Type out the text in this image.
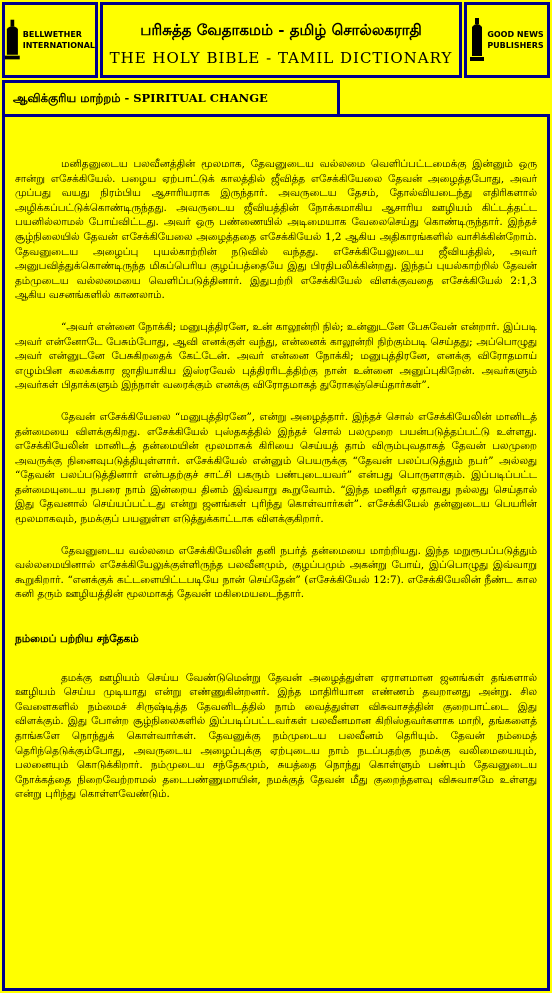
BELLWETHER
INTERNATIONAL
பரிசுத்த வேதாகமம் - தமிழ் சொல்லகராதி
THE HOLY BIBLE - TAMIL DICTIONARY
GOOD NEWS
PUBLISHERS
ஆவிக்குரிய மாற்றம் - SPIRITUAL CHANGE

மனிதனுடைய பலவீனத்தின் மூலமாக, தேவனுடைய வல்லமை வெளிப்பட்டமைக்கு இன்னும் ஒரு சான்று எசேக்கியேல். பழைய ஏற்பாட்டுக் காலத்தில் ஜீவித்த எசேக்கியேலை தேவன் அழைத்தபோது, அவர் முப்பது வயது நிரம்பிய ஆசாரியராக இருந்தார். அவருடைய தேசம், தோல்வியடைந்து எதிரிகளால் அழிக்கப்பட்டுக்கொண்டிருந்தது. அவருடைய ஜீவியத்தின் நோக்கமாகிய ஆசாரிய ஊழியம் கிட்டத்தட்ட பயனில்லாமல் போய்விட்டது. அவர் ஒரு பண்ணையில் அடிமையாக வேலைசெய்து கொண்டிருந்தார். இந்தச் சூழ்நிலையில் தேவன் எசேக்கியேலை அழைத்ததை எசேக்கியேல் 1,2 ஆகிய அதிகாரங்களில் வாசிக்கின்றோம். தேவனுடைய அழைப்பு புயல்காற்றின் நடுவில் வந்தது. எசேக்கியேலுடைய ஜீவியத்தில், அவர் அனுபவித்துக்கொண்டிருந்த மிகப்பெரிய குழப்பத்தையே இது பிரதிபலிக்கின்றது. இந்தப் புயல்காற்றில் தேவன் தம்முடைய வல்லமையை வெளிப்படுத்தினார். இதுபற்றி எசேக்கியேல் விளக்குவதை எசேக்கியேல் 2:1,3 ஆகிய வசனங்களில் காணலாம்.

“அவர் என்னை நோக்கி; மனுபுத்திரனே, உன் காலூன்றி நில்; உன்னுடனே பேசுவேன் என்றார். இப்படி அவர் என்னோடே பேசும்போது, ஆவி எனக்குள் வந்து, என்னைக் காலூன்றி நிற்கும்படி செய்தது; அப்பொழுது அவர் என்னுடனே பேசுகிறதைக் கேட்டேன். அவர் என்னை நோக்கி; மனுபுத்திரனே, எனக்கு விரோதமாய் எழும்பின கலகக்கார ஜாதியாகிய இஸ்ரவேல் புத்திரரிடத்திற்கு நான் உன்னை அனுப்புகிறேன். அவர்களும் அவர்கள் பிதாக்களும் இந்நாள் வரைக்கும் எனக்கு விரோதமாகத் துரோகஞ்செய்தார்கள்”.

தேவன் எசேக்கியேலை “மனுபுத்திரனே”, என்று அழைத்தார். இந்தச் சொல் எசேக்கியேலின் மானிடத் தன்மையை விளக்குகிறது. எசேக்கியேல் புஸ்தகத்தில் இந்தச் சொல் பலமுறை பயன்படுத்தப்பட்டு உள்ளது. எசேக்கியேலின் மானிடத் தன்மையின் மூலமாகக் கிரியை செய்யத் தாம் விரும்புவதாகத் தேவன் பலமுறை அவருக்கு நினைவுபடுத்தியுள்ளார். எசேக்கியேல் என்னும் பெயருக்கு “தேவன் பலப்படுத்தும் நபர்” அல்லது “தேவன் பலப்படுத்தினார் என்பதற்குச் சாட்சி பகரும் பண்புடையவர்” என்பது பொருளாகும். இப்படிப்பட்ட தன்மையுடைய நபரை நாம் இன்றைய தினம் இவ்வாறு கூறுவோம். “இந்த மனிதர் ஏதாவது நல்லது செய்தால் இது தேவனால் செய்யப்பட்டது என்று ஜனங்கள் புரிந்து கொள்வார்கள்”. எசேக்கியேல் தன்னுடைய பெயரின் மூலமாகவும், நமக்குப் பயனுள்ள எடுத்துக்காட்டாக விளக்குகிறார்.

தேவனுடைய வல்லமை எசேக்கியேலின் தனி நபர்த் தன்மையை மாற்றியது. இந்த மறுரூபப்படுத்தும் வல்லமையினால் எசேக்கியேலுக்குள்ளிருந்த பலவீனமும், குழப்பமும் அகன்று போய், இப்பொழுது இவ்வாறு கூறுகிறார். “எனக்குக் கட்டளையிட்டபடியே நான் செய்தேன்” (எசேக்கியேல் 12:7). எசேக்கியேலின் நீண்ட கால கனி தரும் ஊழியத்தின் மூலமாகத் தேவன் மகிமையடைந்தார்.

நம்மைப் பற்றிய சந்தேகம்

தமக்கு ஊழியம் செய்ய வேண்டுமென்று தேவன் அழைத்துள்ள ஏராளமான ஜனங்கள் தங்களால் ஊழியம் செய்ய முடியாது என்று எண்ணுகின்றனர். இந்த மாதிரியான எண்ணம் தவறானது அன்று. சில வேளைகளில் நம்மைச் சிருஷ்டித்த தேவனிடத்தில் நாம் வைத்துள்ள விசுவாசத்தின் குறைபாட்டை இது விளக்கும். இது போன்ற சூழ்நிலைகளில் இப்படிப்பட்டவர்கள் பலவீனமான கிறிஸ்தவர்களாக மாறி, தங்களைத் தாங்களே நொந்துக் கொள்வார்கள். தேவனுக்கு நம்முடைய பலவீனம் தெரியும். தேவன் நம்மைத் தெரிந்தெடுக்கும்போது, அவருடைய அழைப்புக்கு ஏற்புடைய நாம் நடப்பதற்கு நமக்கு வலிமையையும், பலனையும் கொடுக்கிறார். நம்முடைய சந்தேகமும், சுயத்தை நொந்து கொள்ளும் பண்பும் தேவனுடைய நோக்கத்தை நிறைவேற்றாமல் தடைபண்ணுமாயின், நமக்குத் தேவன் மீது குறைந்தளவு விசுவாசமே உள்ளது என்று புரிந்து கொள்ளவேண்டும்.
